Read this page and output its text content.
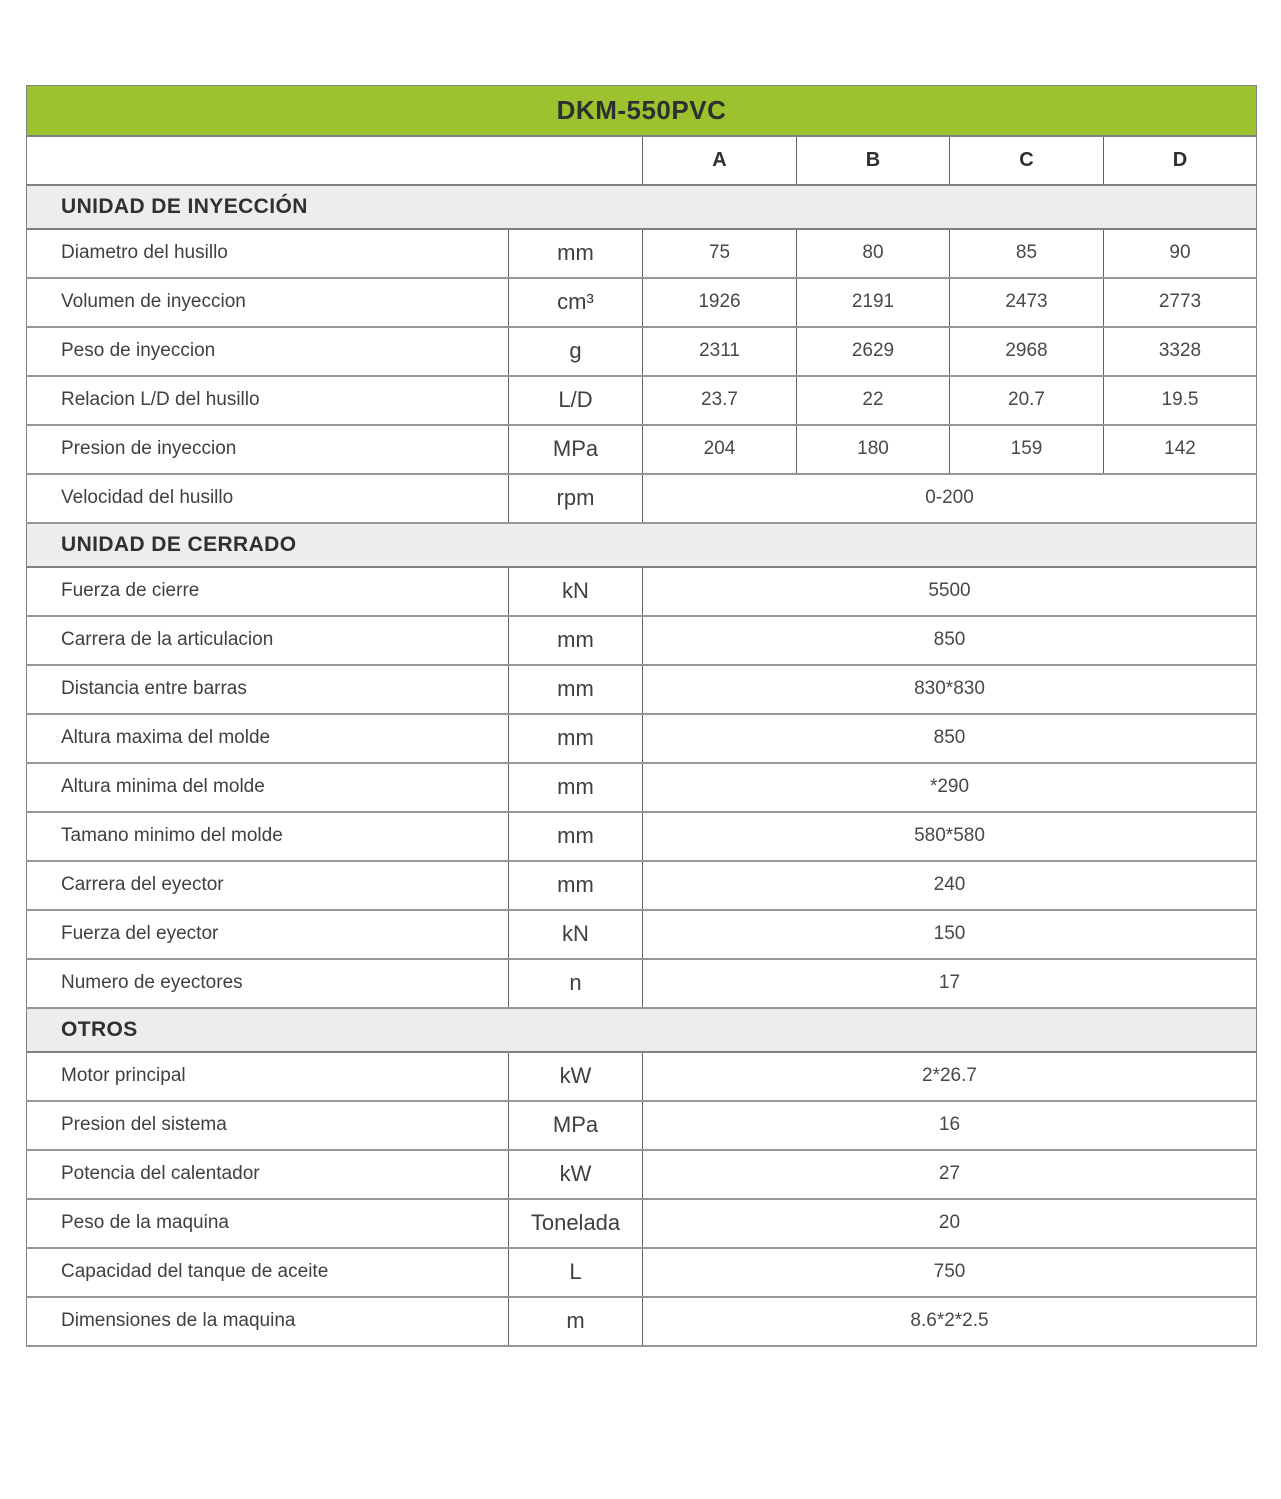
DKM-550PVC					
		A	B	C	D
UNIDAD DE INYECCIÓN					
Diametro del husillo	mm	75	80	85	90
Volumen de inyeccion	cm³	1926	2191	2473	2773
Peso de inyeccion	g	2311	2629	2968	3328
Relacion L/D del husillo	L/D	23.7	22	20.7	19.5
Presion de inyeccion	MPa	204	180	159	142
Velocidad del husillo	rpm	0-200			
UNIDAD DE CERRADO					
Fuerza de cierre	kN	5500			
Carrera de la articulacion	mm	850			
Distancia entre barras	mm	830*830			
Altura maxima del molde	mm	850			
Altura minima del molde	mm	*290			
Tamano minimo del molde	mm	580*580			
Carrera del eyector	mm	240			
Fuerza del eyector	kN	150			
Numero de eyectores	n	17			
OTROS					
Motor principal	kW	2*26.7			
Presion del sistema	MPa	16			
Potencia del calentador	kW	27			
Peso de la maquina	Tonelada	20			
Capacidad del tanque de aceite	L	750			
Dimensiones de la maquina	m	8.6*2*2.5			
